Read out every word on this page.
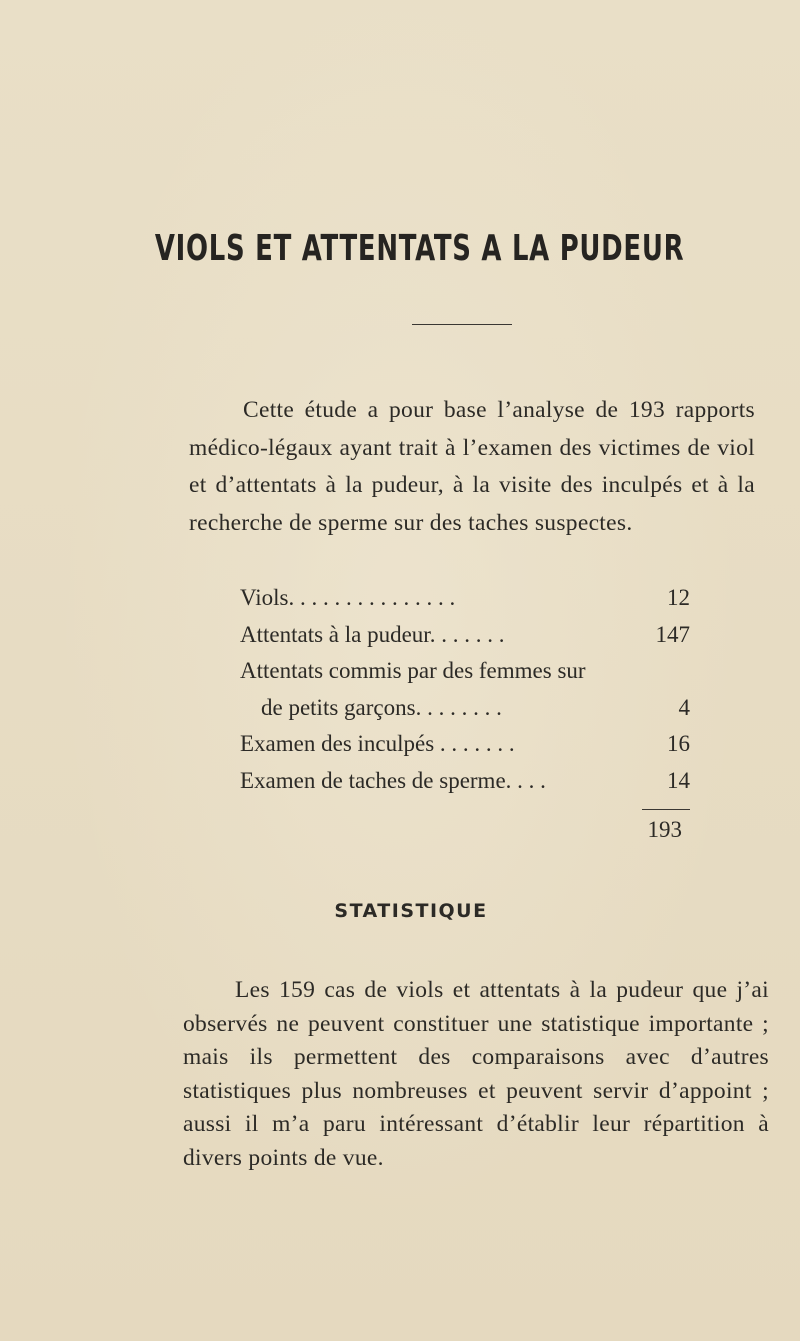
VIOLS ET ATTENTATS A LA PUDEUR

Cette étude a pour base l’analyse de 193 rapports médico-légaux ayant trait à l’examen des victimes de viol et d’attentats à la pudeur, à la visite des inculpés et à la recherche de sperme sur des taches suspectes.

Viols. . . . . . . . . . . . . . .	12
Attentats à la pudeur. . . . . . .	147
Attentats commis par des femmes sur
de petits garçons. . . . . . . .	4
Examen des inculpés . . . . . . .	16
Examen de taches de sperme. . . .	14
193
STATISTIQUE

Les 159 cas de viols et attentats à la pudeur que j’ai observés ne peuvent constituer une statistique importante ; mais ils permettent des comparaisons avec d’autres statistiques plus nombreuses et peuvent servir d’appoint ; aussi il m’a paru intéressant d’établir leur répartition à divers points de vue.
